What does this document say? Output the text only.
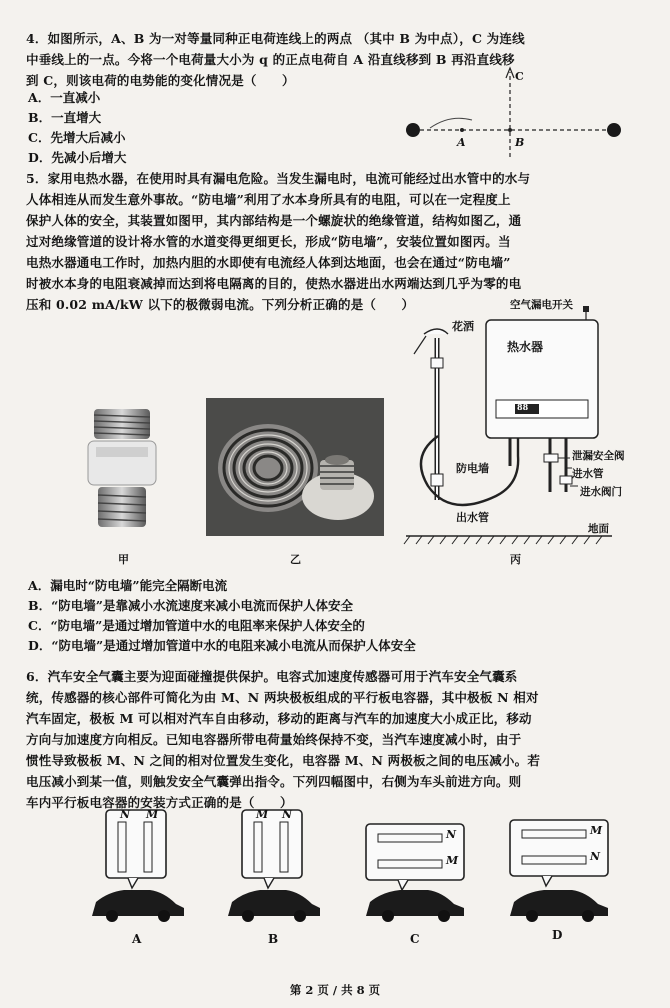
4．如图所示，A、B 为一对等量同种正电荷连线上的两点 （其中 B 为中点），C 为连线
中垂线上的一点。今将一个电荷量大小为 q 的正点电荷自 A 沿直线移到 B 再沿直线移
到 C，则该电荷的电势能的变化情况是（　　）
A．一直减小
B．一直增大
C．先增大后减小
D．先减小后增大
C
A	B
5．家用电热水器，在使用时具有漏电危险。当发生漏电时，电流可能经过出水管中的水与
人体相连从而发生意外事故。“防电墙”利用了水本身所具有的电阻，可以在一定程度上
保护人体的安全，其装置如图甲，其内部结构是一个螺旋状的绝缘管道，结构如图乙，通
过对绝缘管道的设计将水管的水道变得更细更长，形成“防电墙”，安装位置如图丙。当
电热水器通电工作时，加热内胆的水即使有电流经人体到达地面，也会在通过“防电墙”
时被水本身的电阻衰减掉而达到将电隔离的目的，使热水器进出水两端达到几乎为零的电
压和 0.02 mA/kW 以下的极微弱电流。下列分析正确的是（　　）	空气漏电开关
花洒
热水器
88
防电墙
泄漏安全阀
进水管
进水阀门
出水管
地面
甲	乙	丙
A．漏电时“防电墙”能完全隔断电流
B．“防电墙”是靠减小水流速度来减小电流而保护人体安全
C．“防电墙”是通过增加管道中水的电阻率来保护人体安全的
D．“防电墙”是通过增加管道中水的电阻来减小电流从而保护人体安全
6．汽车安全气囊主要为迎面碰撞提供保护。电容式加速度传感器可用于汽车安全气囊系
统，传感器的核心部件可简化为由 M、N 两块极板组成的平行板电容器，其中极板 N 相对
汽车固定，极板 M 可以相对汽车自由移动，移动的距离与汽车的加速度大小成正比，移动
方向与加速度方向相反。已知电容器所带电荷量始终保持不变，当汽车速度减小时，由于
惯性导致极板 M、N 之间的相对位置发生变化，电容器 M、N 两极板之间的电压减小。若
电压减小到某一值，则触发安全气囊弹出指令。下列四幅图中，右侧为车头前进方向。则
车内平行板电容器的安装方式正确的是（　　）
N M	M N
N
M
M
N
A	B	C	D
第 2 页 / 共 8 页
